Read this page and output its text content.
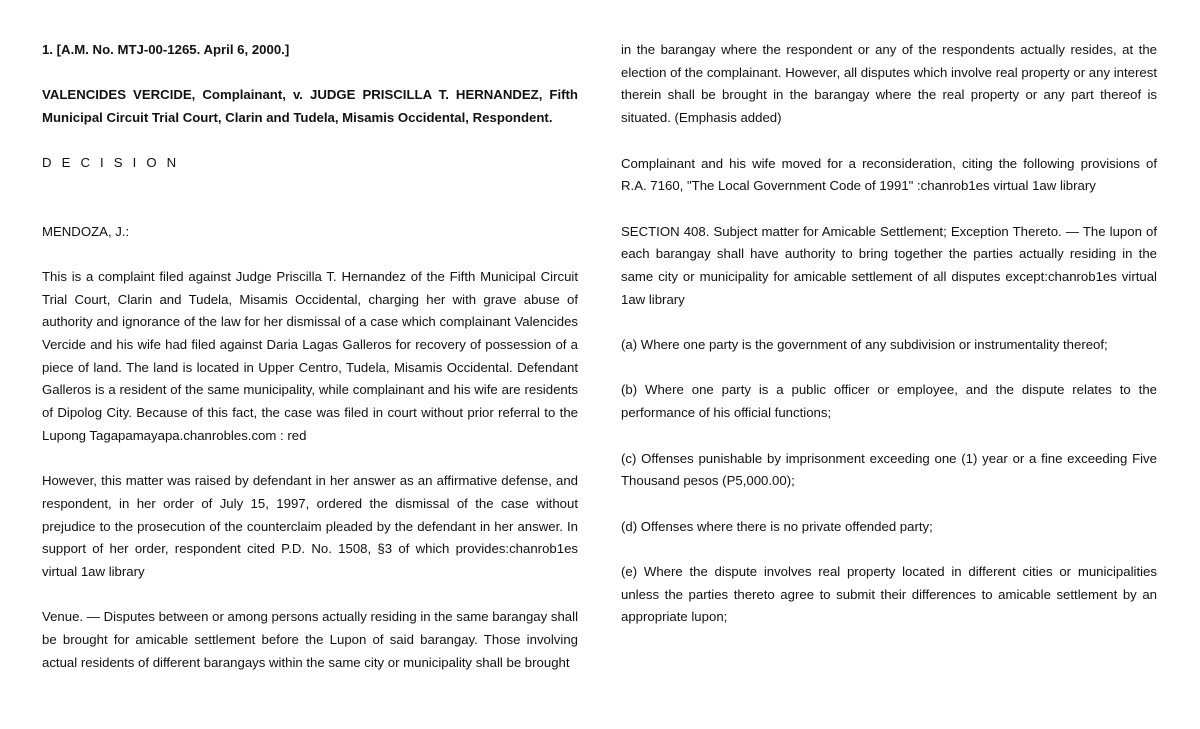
1. [A.M. No. MTJ-00-1265. April 6, 2000.]

VALENCIDES VERCIDE, Complainant, v. JUDGE PRISCILLA T. HERNANDEZ, Fifth Municipal Circuit Trial Court, Clarin and Tudela, Misamis Occidental, Respondent.

D E C I S I O N

MENDOZA, J.:

This is a complaint filed against Judge Priscilla T. Hernandez of the Fifth Municipal Circuit Trial Court, Clarin and Tudela, Misamis Occidental, charging her with grave abuse of authority and ignorance of the law for her dismissal of a case which complainant Valencides Vercide and his wife had filed against Daria Lagas Galleros for recovery of possession of a piece of land. The land is located in Upper Centro, Tudela, Misamis Occidental. Defendant Galleros is a resident of the same municipality, while complainant and his wife are residents of Dipolog City. Because of this fact, the case was filed in court without prior referral to the Lupong Tagapamayapa.chanrobles.com : red

However, this matter was raised by defendant in her answer as an affirmative defense, and respondent, in her order of July 15, 1997, ordered the dismissal of the case without prejudice to the prosecution of the counterclaim pleaded by the defendant in her answer. In support of her order, respondent cited P.D. No. 1508, §3 of which provides:chanrob1es virtual 1aw library

Venue. — Disputes between or among persons actually residing in the same barangay shall be brought for amicable settlement before the Lupon of said barangay. Those involving actual residents of different barangays within the same city or municipality shall be brought

in the barangay where the respondent or any of the respondents actually resides, at the election of the complainant. However, all disputes which involve real property or any interest therein shall be brought in the barangay where the real property or any part thereof is situated. (Emphasis added)

Complainant and his wife moved for a reconsideration, citing the following provisions of R.A. 7160, "The Local Government Code of 1991" :chanrob1es virtual 1aw library

SECTION 408. Subject matter for Amicable Settlement; Exception Thereto. — The lupon of each barangay shall have authority to bring together the parties actually residing in the same city or municipality for amicable settlement of all disputes except:chanrob1es virtual 1aw library

(a) Where one party is the government of any subdivision or instrumentality thereof;

(b) Where one party is a public officer or employee, and the dispute relates to the performance of his official functions;

(c) Offenses punishable by imprisonment exceeding one (1) year or a fine exceeding Five Thousand pesos (P5,000.00);

(d) Offenses where there is no private offended party;

(e) Where the dispute involves real property located in different cities or municipalities unless the parties thereto agree to submit their differences to amicable settlement by an appropriate lupon;
